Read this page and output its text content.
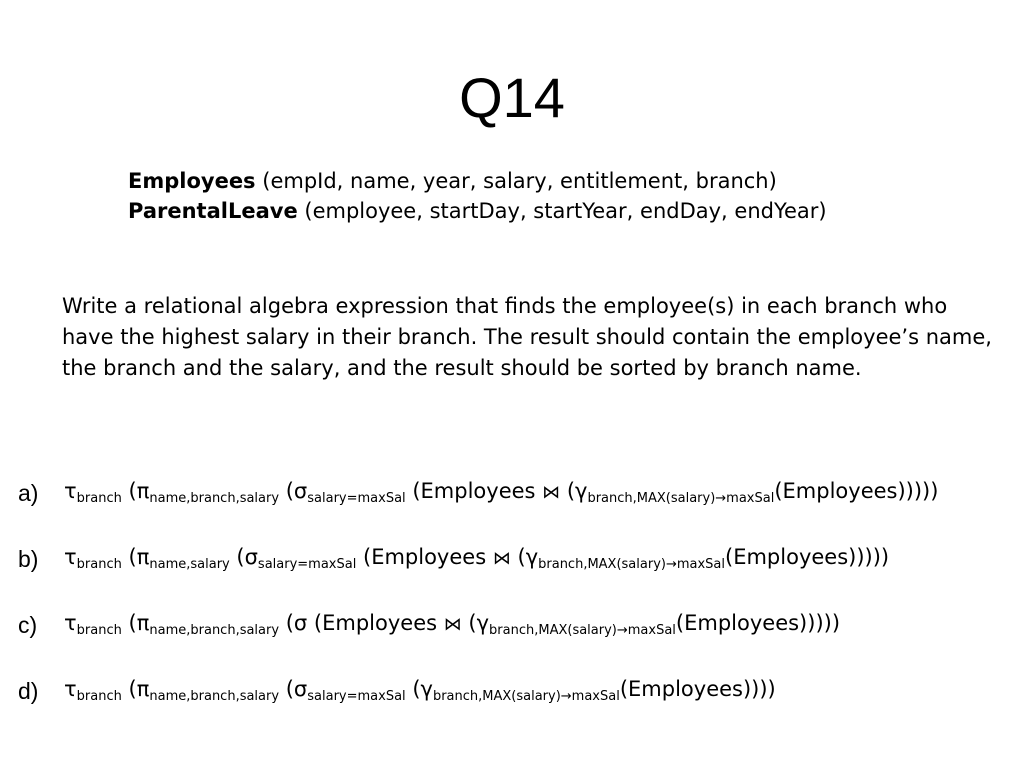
Q14
Employees (empId, name, year, salary, entitlement, branch)
ParentalLeave (employee, startDay, startYear, endDay, endYear)
Write a relational algebra expression that finds the employee(s) in each branch who have the highest salary in their branch. The result should contain the employee’s name, the branch and the salary, and the result should be sorted by branch name.
a) $\tau_{branch}$ ($\pi_{name,branch,salary}$ ($\sigma_{salary=maxSal}$ (Employees ⋈ $(\gamma_{branch,MAX(salary)\to maxSal}(Employees))$)))
b) $\tau_{branch}$ ($\pi_{name,salary}$ ($\sigma_{salary=maxSal}$ (Employees ⋈ $(\gamma_{branch,MAX(salary)\to maxSal}(Employees))$)))
c) $\tau_{branch}$ ($\pi_{name,branch,salary}$ (σ (Employees ⋈ $(\gamma_{branch,MAX(salary)\to maxSal}(Employees))$)))
d) $\tau_{branch}$ ($\pi_{name,branch,salary}$ ($\sigma_{salary=maxSal}$ $(\gamma_{branch,MAX(salary)\to maxSal}(Employees))$))
